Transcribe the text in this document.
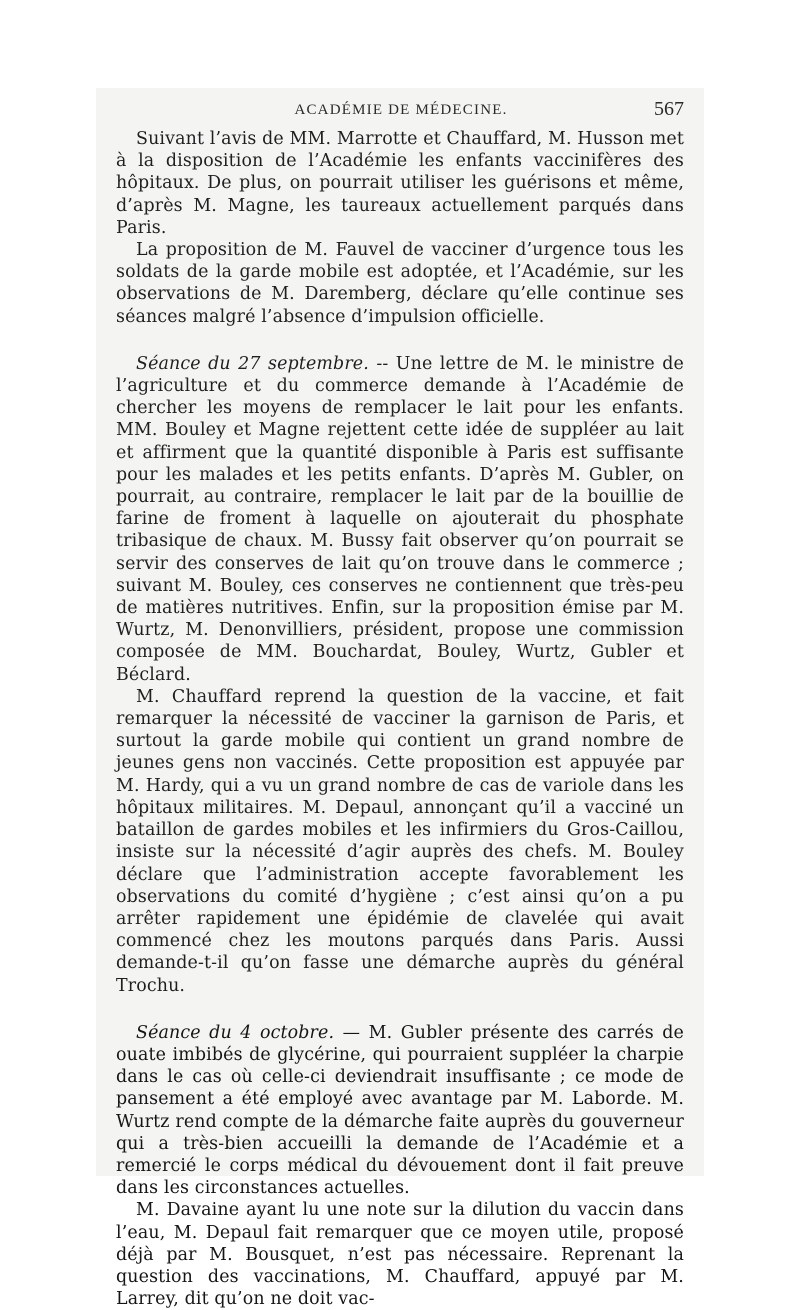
ACADÉMIE DE MÉDECINE.	567

Suivant l’avis de MM. Marrotte et Chauffard, M. Husson met à la disposition de l’Académie les enfants vaccinifères des hôpitaux. De plus, on pourrait utiliser les guérisons et même, d’après M. Magne, les taureaux actuellement parqués dans Paris.

La proposition de M. Fauvel de vacciner d’urgence tous les soldats de la garde mobile est adoptée, et l’Académie, sur les observations de M. Daremberg, déclare qu’elle continue ses séances malgré l’absence d’impulsion officielle.

Séance du 27 septembre. -- Une lettre de M. le ministre de l’agriculture et du commerce demande à l’Académie de chercher les moyens de remplacer le lait pour les enfants. MM. Bouley et Magne rejettent cette idée de suppléer au lait et affirment que la quantité disponible à Paris est suffisante pour les malades et les petits enfants. D’après M. Gubler, on pourrait, au contraire, remplacer le lait par de la bouillie de farine de froment à laquelle on ajouterait du phosphate tribasique de chaux. M. Bussy fait observer qu’on pourrait se servir des conserves de lait qu’on trouve dans le commerce ; suivant M. Bouley, ces conserves ne contiennent que très-peu de matières nutritives. Enfin, sur la proposition émise par M. Wurtz, M. Denonvilliers, président, propose une commission composée de MM. Bouchardat, Bouley, Wurtz, Gubler et Béclard.

M. Chauffard reprend la question de la vaccine, et fait remarquer la nécessité de vacciner la garnison de Paris, et surtout la garde mobile qui contient un grand nombre de jeunes gens non vaccinés. Cette proposition est appuyée par M. Hardy, qui a vu un grand nombre de cas de variole dans les hôpitaux militaires. M. Depaul, annonçant qu’il a vacciné un bataillon de gardes mobiles et les infirmiers du Gros-Caillou, insiste sur la nécessité d’agir auprès des chefs. M. Bouley déclare que l’administration accepte favorablement les observations du comité d’hygiène ; c’est ainsi qu’on a pu arrêter rapidement une épidémie de clavelée qui avait commencé chez les moutons parqués dans Paris. Aussi demande-t-il qu’on fasse une démarche auprès du général Trochu.

Séance du 4 octobre. — M. Gubler présente des carrés de ouate imbibés de glycérine, qui pourraient suppléer la charpie dans le cas où celle-ci deviendrait insuffisante ; ce mode de pansement a été employé avec avantage par M. Laborde. M. Wurtz rend compte de la démarche faite auprès du gouverneur qui a très-bien accueilli la demande de l’Académie et a remercié le corps médical du dévouement dont il fait preuve dans les circonstances actuelles.

M. Davaine ayant lu une note sur la dilution du vaccin dans l’eau, M. Depaul fait remarquer que ce moyen utile, proposé déjà par M. Bousquet, n’est pas nécessaire. Reprenant la question des vaccinations, M. Chauffard, appuyé par M. Larrey, dit qu’on ne doit vac-
